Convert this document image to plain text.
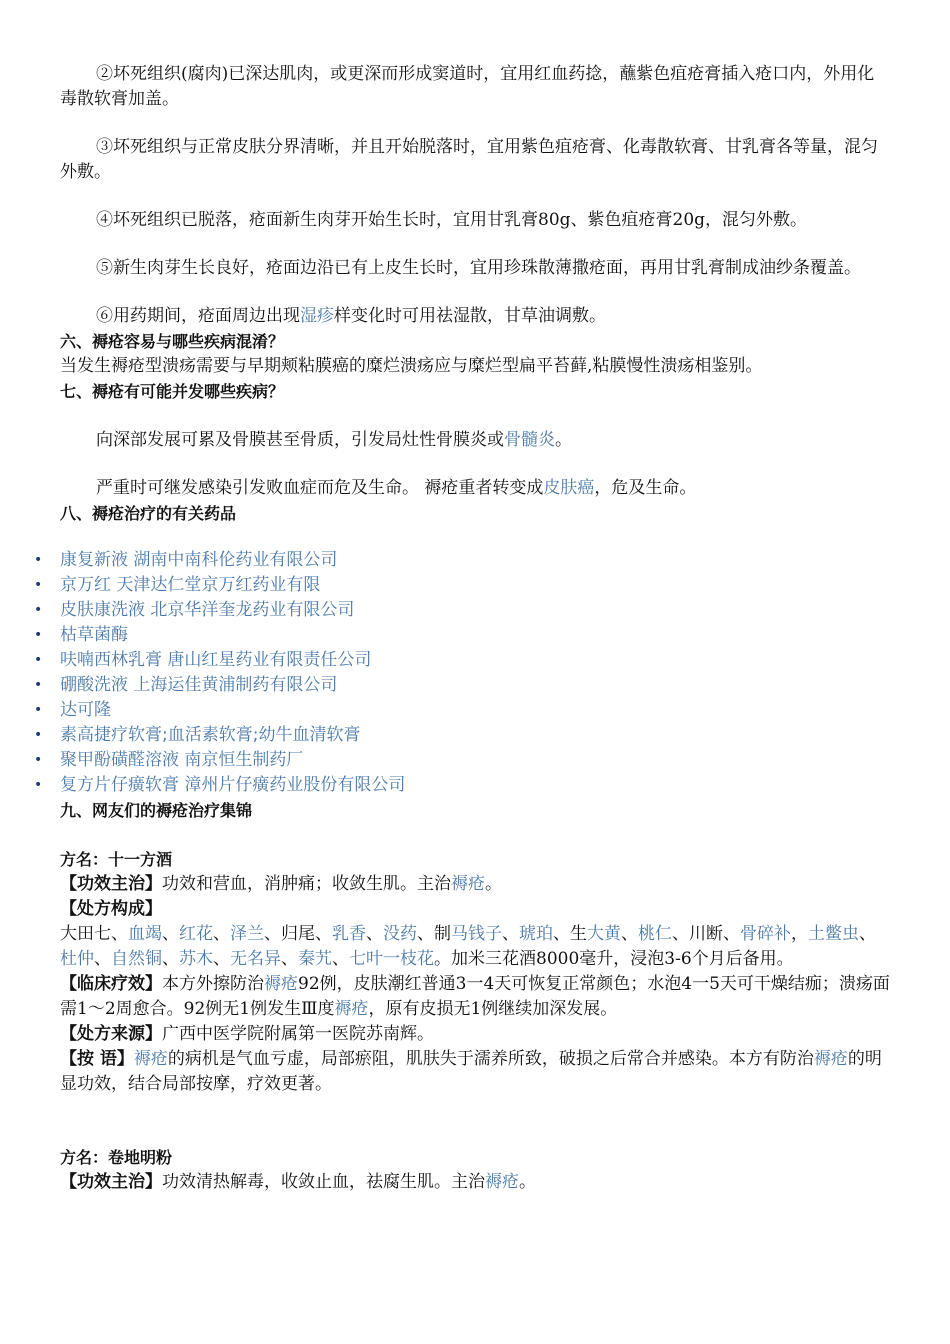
②坏死组织(腐肉)已深达肌肉，或更深而形成窦道时，宜用红血药捻，蘸紫色疽疮膏插入疮口内，外用化毒散软膏加盖。

③坏死组织与正常皮肤分界清晰，并且开始脱落时，宜用紫色疽疮膏、化毒散软膏、甘乳膏各等量，混匀外敷。

④坏死组织已脱落，疮面新生肉芽开始生长时，宜用甘乳膏80g、紫色疽疮膏20g，混匀外敷。

⑤新生肉芽生长良好，疮面边沿已有上皮生长时，宜用珍珠散薄撒疮面，再用甘乳膏制成油纱条覆盖。

⑥用药期间，疮面周边出现湿疹样变化时可用祛湿散，甘草油调敷。

六、褥疮容易与哪些疾病混淆？

当发生褥疮型溃疡需要与早期颊粘膜癌的糜烂溃疡应与糜烂型扁平苔藓,粘膜慢性溃疡相鉴别。

七、褥疮有可能并发哪些疾病？

向深部发展可累及骨膜甚至骨质，引发局灶性骨膜炎或骨髓炎。

严重时可继发感染引发败血症而危及生命。 褥疮重者转变成皮肤癌，危及生命。

八、褥疮治疗的有关药品

• 康复新液 湖南中南科伦药业有限公司
• 京万红 天津达仁堂京万红药业有限
• 皮肤康洗液 北京华洋奎龙药业有限公司
• 枯草菌酶
• 呋喃西林乳膏 唐山红星药业有限责任公司
• 硼酸洗液 上海运佳黄浦制药有限公司
• 达可隆
• 素高捷疗软膏;血活素软膏;幼牛血清软膏
• 聚甲酚磺醛溶液 南京恒生制药厂
• 复方片仔癀软膏 漳州片仔癀药业股份有限公司

九、网友们的褥疮治疗集锦

方名：十一方酒

【功效主治】功效和营血，消肿痛；收敛生肌。主治褥疮。

【处方构成】

大田七、血竭、红花、泽兰、归尾、乳香、没药、制马钱子、琥珀、生大黄、桃仁、川断、骨碎补，土鳖虫、杜仲、自然铜、苏木、无名异、秦艽、七叶一枝花。加米三花酒8000毫升，浸泡3-6个月后备用。

【临床疗效】本方外擦防治褥疮92例，皮肤潮红普通3一4天可恢复正常颜色；水泡4一5天可干燥结痂；溃疡面需1～2周愈合。92例无1例发生Ⅲ度褥疮，原有皮损无1例继续加深发展。

【处方来源】广西中医学院附属第一医院苏南辉。

【按 语】褥疮的病机是气血亏虚，局部瘀阻，肌肤失于濡养所致，破损之后常合并感染。本方有防治褥疮的明显功效，结合局部按摩，疗效更著。

方名：卷地明粉

【功效主治】功效清热解毒，收敛止血，祛腐生肌。主治褥疮。
